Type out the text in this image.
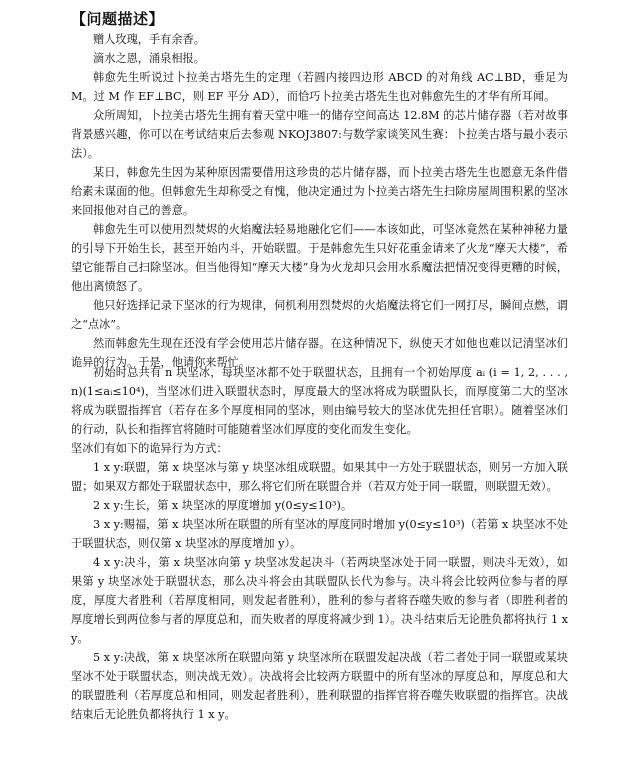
【问题描述】

赠人玫瑰，手有余香。

滴水之恩，涌泉相报。

韩愈先生听说过卜拉美古塔先生的定理（若圆内接四边形 ABCD 的对角线 AC⊥BD，垂足为 M。过 M 作 EF⊥BC，则 EF 平分 AD），而恰巧卜拉美古塔先生也对韩愈先生的才华有所耳闻。

众所周知，卜拉美古塔先生拥有着天堂中唯一的储存空间高达 12.8M 的芯片储存器（若对故事背景感兴趣，你可以在考试结束后去参观 NKOJ3807:与数学家谈笑风生赛：卜拉美古塔与最小表示法）。

某日，韩愈先生因为某种原因需要借用这珍贵的芯片储存器，而卜拉美古塔先生也愿意无条件借给素未谋面的他。但韩愈先生却称受之有愧，他决定通过为卜拉美古塔先生扫除房屋周围积累的坚冰来回报他对自己的善意。

韩愈先生可以使用烈焚烬的火焰魔法轻易地融化它们——本该如此，可坚冰竟然在某种神秘力量的引导下开始生长，甚至开始内斗，开始联盟。于是韩愈先生只好花重金请来了火龙“摩天大楼”，希望它能帮自己扫除坚冰。但当他得知“摩天大楼”身为火龙却只会用水系魔法把情况变得更糟的时候，他出离愤怒了。

他只好选择记录下坚冰的行为规律，伺机利用烈焚烬的火焰魔法将它们一网打尽，瞬间点燃，谓之“点冰”。

然而韩愈先生现在还没有学会使用芯片储存器。在这种情况下，纵使天才如他也难以记清坚冰们诡异的行为。于是，他请你来帮忙。

初始时总共有 n 块坚冰，每块坚冰都不处于联盟状态，且拥有一个初始厚度 aᵢ (i = 1, 2, . . . , n)(1≤aᵢ≤10⁴)，当坚冰们进入联盟状态时，厚度最大的坚冰将成为联盟队长，而厚度第二大的坚冰将成为联盟指挥官（若存在多个厚度相同的坚冰，则由编号较大的坚冰优先担任官职）。随着坚冰们的行动，队长和指挥官将随时可能随着坚冰们厚度的变化而发生变化。

坚冰们有如下的诡异行为方式：

1 x y:联盟，第 x 块坚冰与第 y 块坚冰组成联盟。如果其中一方处于联盟状态，则另一方加入联盟；如果双方都处于联盟状态中，那么将它们所在联盟合并（若双方处于同一联盟，则联盟无效）。

2 x y:生长，第 x 块坚冰的厚度增加 y(0≤y≤10³)。

3 x y:赐福，第 x 块坚冰所在联盟的所有坚冰的厚度同时增加 y(0≤y≤10³)（若第 x 块坚冰不处于联盟状态，则仅第 x 块坚冰的厚度增加 y）。

4 x y:决斗，第 x 块坚冰向第 y 块坚冰发起决斗（若两块坚冰处于同一联盟，则决斗无效），如果第 y 块坚冰处于联盟状态，那么决斗将会由其联盟队长代为参与。决斗将会比较两位参与者的厚度，厚度大者胜利（若厚度相同，则发起者胜利），胜利的参与者将吞噬失败的参与者（即胜利者的厚度增长到两位参与者的厚度总和，而失败者的厚度将减少到 1）。决斗结束后无论胜负都将执行 1 x y。

5 x y:决战，第 x 块坚冰所在联盟向第 y 块坚冰所在联盟发起决战（若二者处于同一联盟或某块坚冰不处于联盟状态，则决战无效）。决战将会比较两方联盟中的所有坚冰的厚度总和，厚度总和大的联盟胜利（若厚度总和相同，则发起者胜利），胜利联盟的指挥官将吞噬失败联盟的指挥官。决战结束后无论胜负都将执行 1 x y。
